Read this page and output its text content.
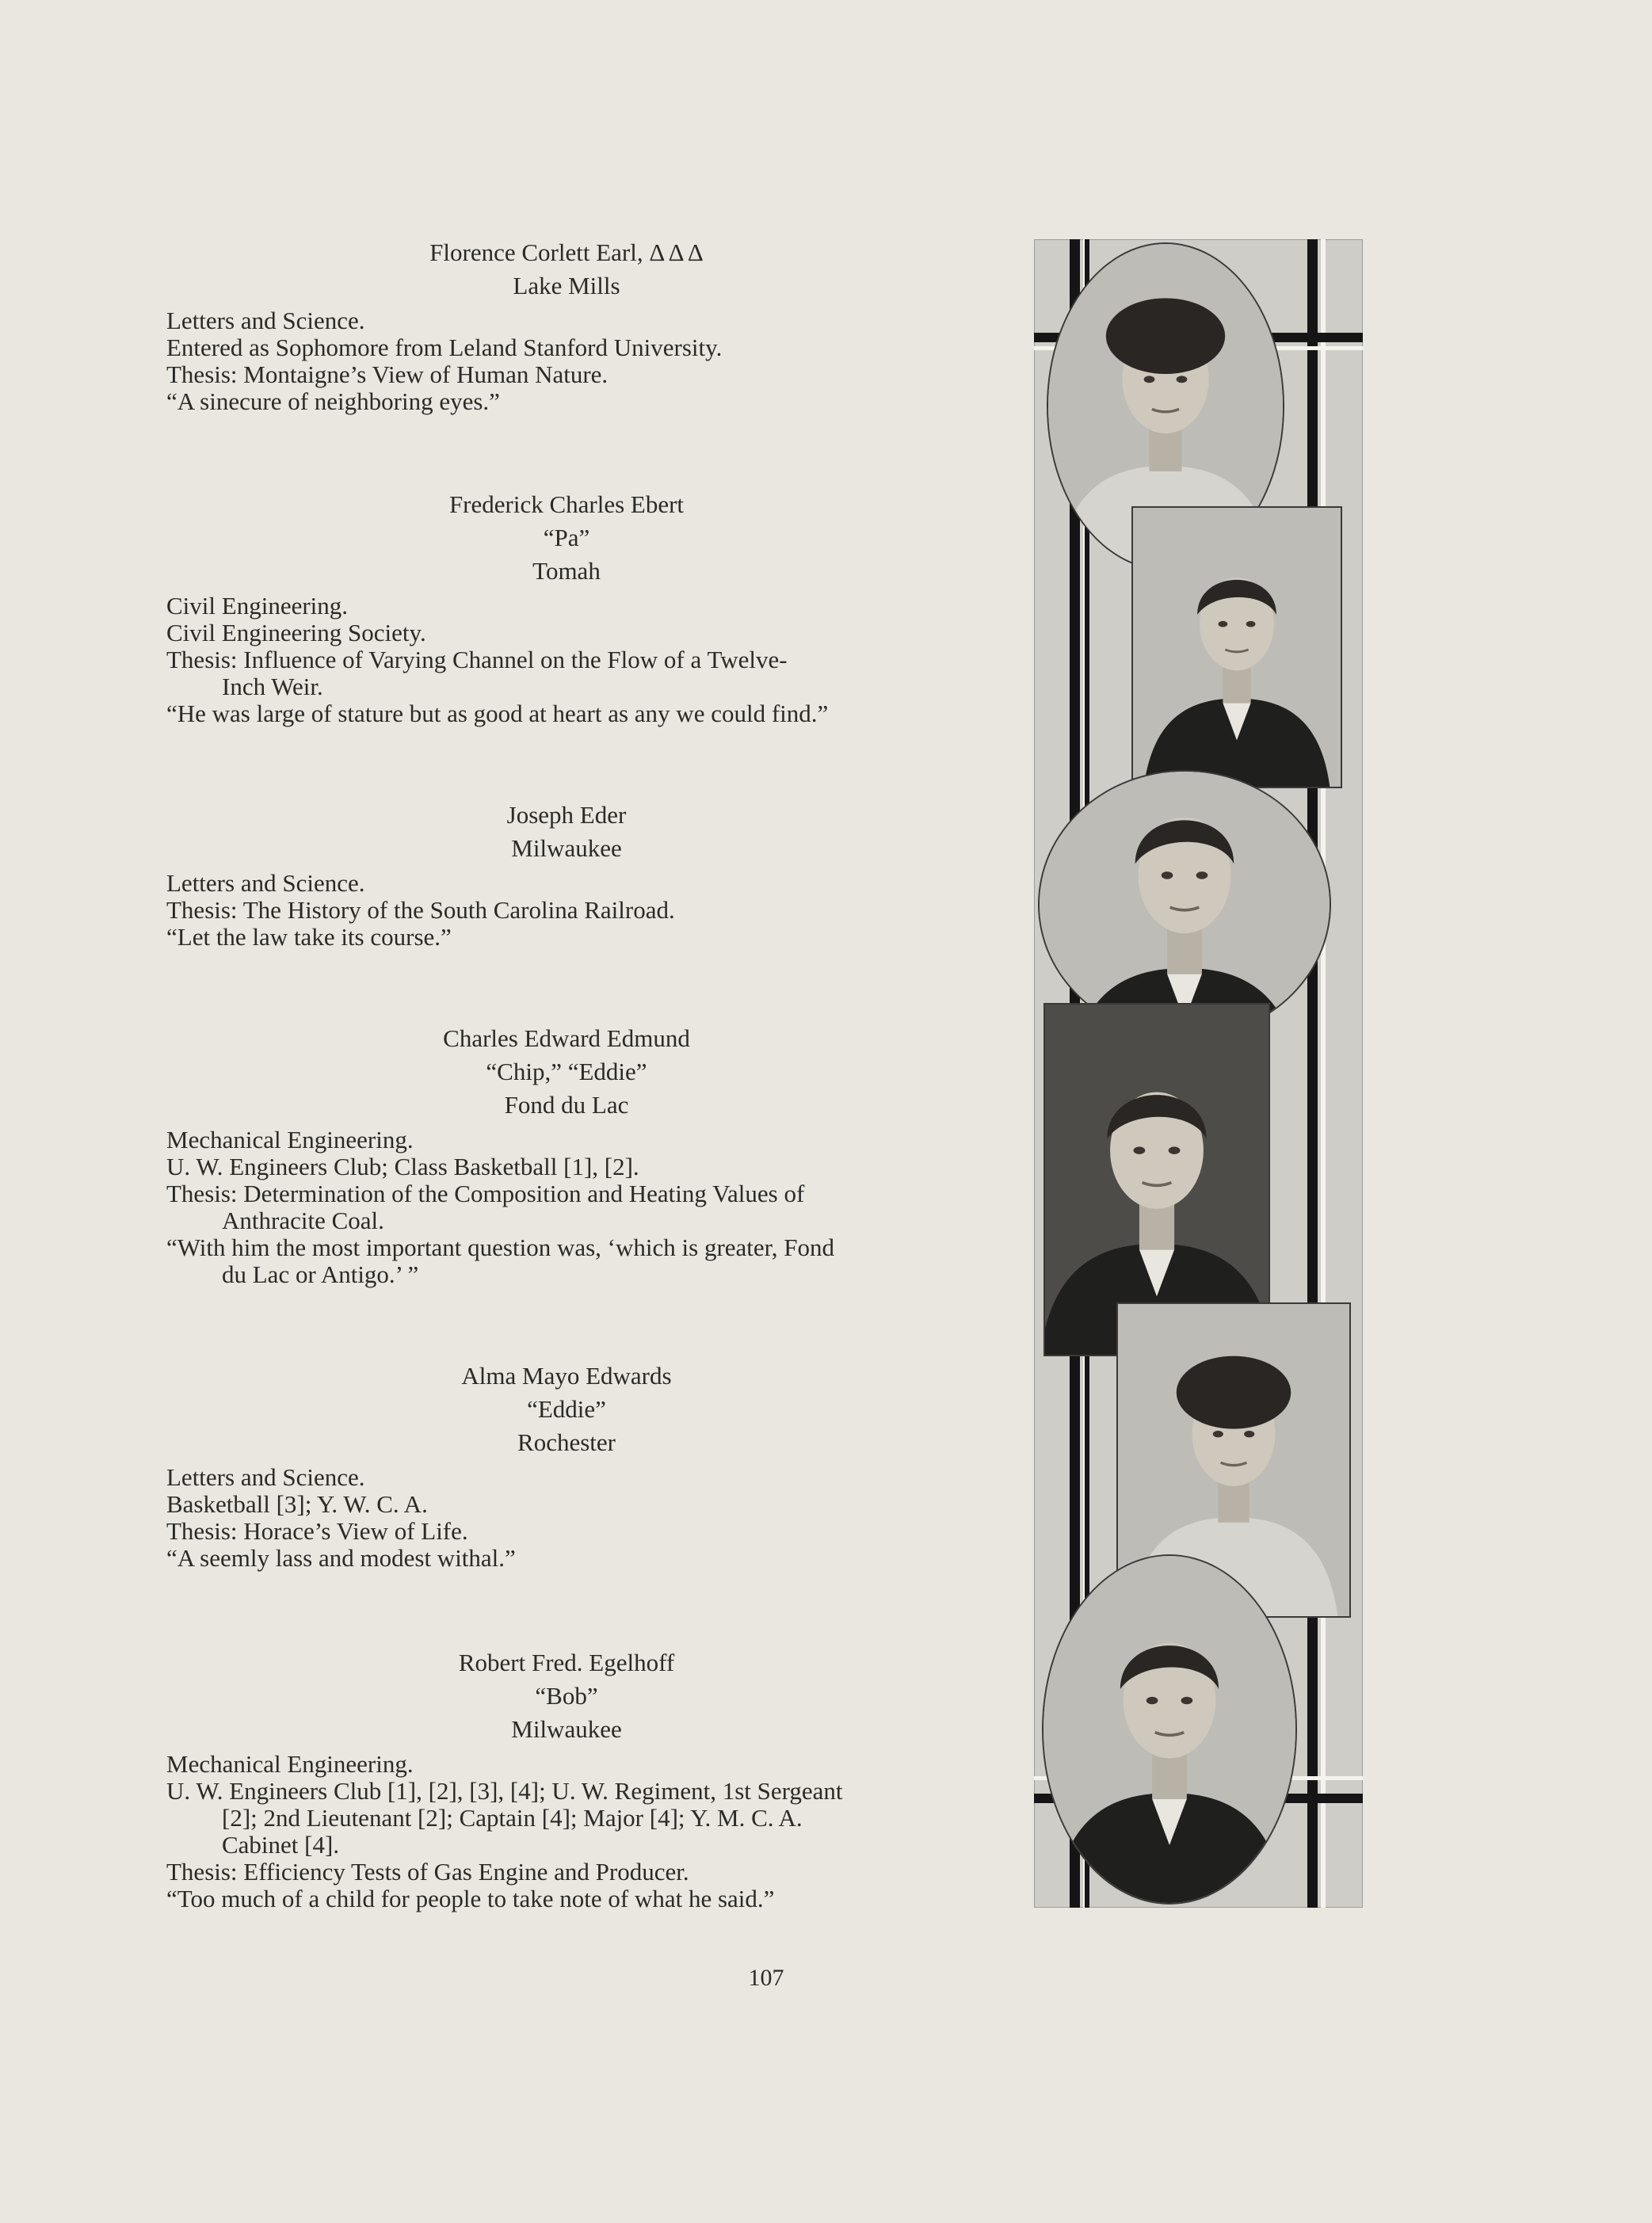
Florence Corlett Earl, Δ Δ Δ
Lake Mills
Letters and Science.
Entered as Sophomore from Leland Stanford University.
Thesis: Montaigne’s View of Human Nature.
“A sinecure of neighboring eyes.”
Frederick Charles Ebert
“Pa”
Tomah
Civil Engineering.
Civil Engineering Society.
Thesis: Influence of Varying Channel on the Flow of a Twelve-
Inch Weir.
“He was large of stature but as good at heart as any we could find.”
Joseph Eder
Milwaukee
Letters and Science.
Thesis: The History of the South Carolina Railroad.
“Let the law take its course.”
Charles Edward Edmund
“Chip,” “Eddie”
Fond du Lac
Mechanical Engineering.
U. W. Engineers Club; Class Basketball [1], [2].
Thesis: Determination of the Composition and Heating Values of
Anthracite Coal.
“With him the most important question was, ‘which is greater, Fond
du Lac or Antigo.’ ”
Alma Mayo Edwards
“Eddie”
Rochester
Letters and Science.
Basketball [3]; Y. W. C. A.
Thesis: Horace’s View of Life.
“A seemly lass and modest withal.”
Robert Fred. Egelhoff
“Bob”
Milwaukee
Mechanical Engineering.
U. W. Engineers Club [1], [2], [3], [4]; U. W. Regiment, 1st Sergeant
[2]; 2nd Lieutenant [2]; Captain [4]; Major [4]; Y. M. C. A.
Cabinet [4].
Thesis: Efficiency Tests of Gas Engine and Producer.
“Too much of a child for people to take note of what he said.”
107
